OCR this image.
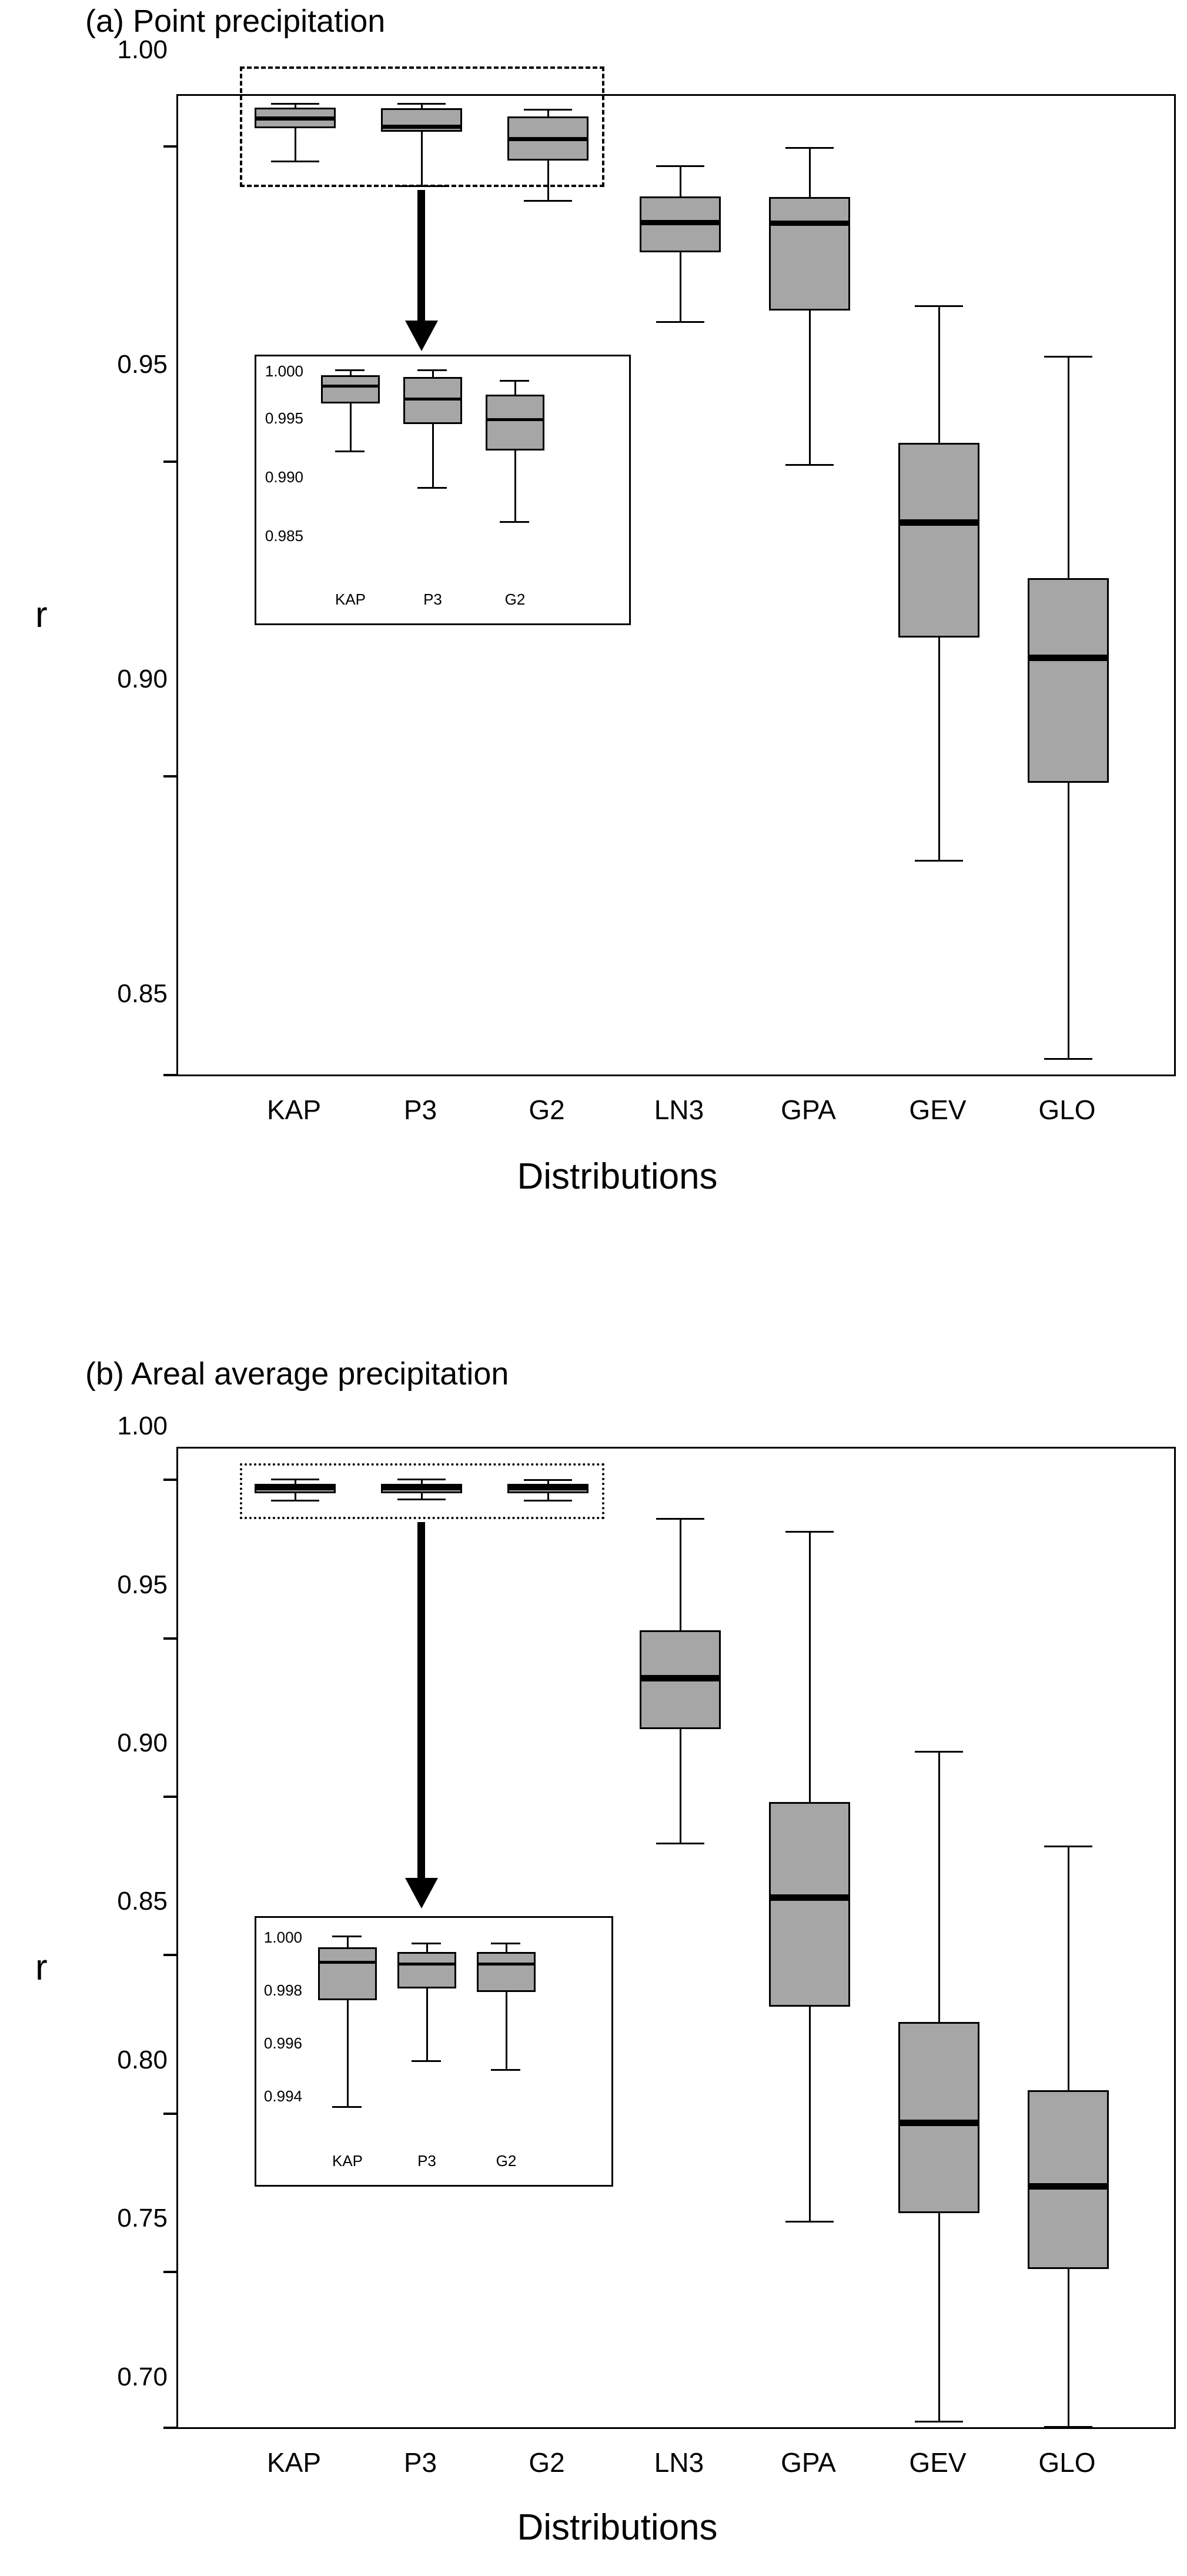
(a) Point precipitation
r
1.000
0.995
0.990
0.985
KAP	P3	G2
1.00
0.95
0.90
0.85
KAP	P3	G2	LN3	GPA	GEV	GLO
Distributions
(b) Areal average precipitation
r
1.000
0.998
0.996
0.994
KAP	P3	G2
1.00
0.95
0.90
0.85
0.80
0.75
0.70
KAP	P3	G2	LN3	GPA	GEV	GLO
Distributions
